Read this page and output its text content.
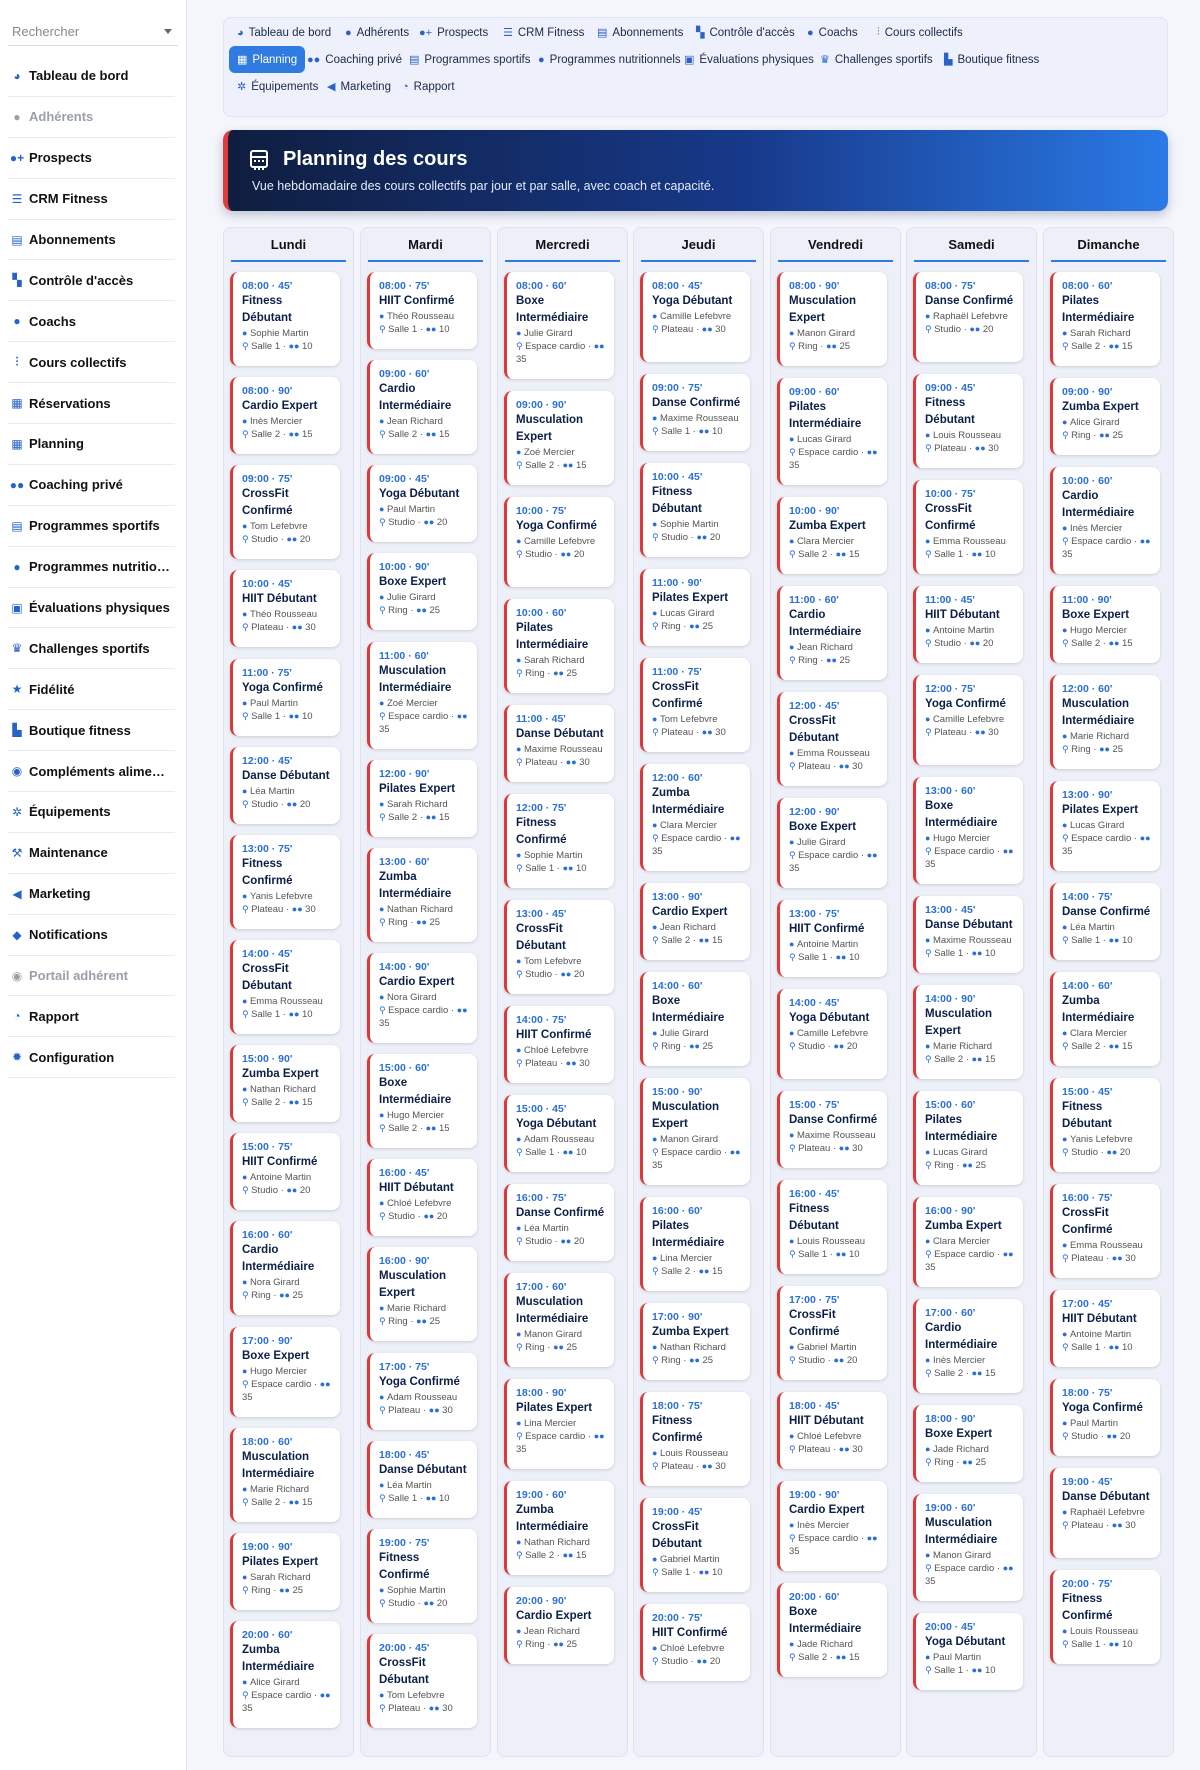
Rechercher
◕ Tableau de bord
● Adhérents
●+ Prospects
☰ CRM Fitness
▤ Abonnements
▚ Contrôle d'accès
● Coachs
⫶ Cours collectifs
▦ Réservations
▦ Planning
●● Coaching privé
▤ Programmes sportifs
● Programmes nutritio…
▣ Évaluations physiques
♛ Challenges sportifs
★ Fidélité
▙ Boutique fitness
◉ Compléments alime…
✲ Équipements
⚒ Maintenance
◀ Marketing
◆ Notifications
◉ Portail adhérent
◔ Rapport
✹ Configuration
◕ Tableau de bord ● Adhérents ●+ Prospects ☰ CRM Fitness ▤ Abonnements ▚ Contrôle d'accès ● Coachs ⫶ Cours collectifs
▦ Planning ●● Coaching privé ▤ Programmes sportifs ● Programmes nutritionnels ▣ Évaluations physiques ♛ Challenges sportifs ▙ Boutique fitness
✲ Équipements ◀ Marketing ◔ Rapport
Planning des cours
Vue hebdomadaire des cours collectifs par jour et par salle, avec coach et capacité.
Lundi
08:00 · 45'
Fitness Débutant
● Sophie Martin
⚲ Salle 1 · ●● 10
08:00 · 90'
Cardio Expert
● Inès Mercier
⚲ Salle 2 · ●● 15
09:00 · 75'
CrossFit Confirmé
● Tom Lefebvre
⚲ Studio · ●● 20
10:00 · 45'
HIIT Débutant
● Théo Rousseau
⚲ Plateau · ●● 30
11:00 · 75'
Yoga Confirmé
● Paul Martin
⚲ Salle 1 · ●● 10
12:00 · 45'
Danse Débutant
● Léa Martin
⚲ Studio · ●● 20
13:00 · 75'
Fitness Confirmé
● Yanis Lefebvre
⚲ Plateau · ●● 30
14:00 · 45'
CrossFit Débutant
● Emma Rousseau
⚲ Salle 1 · ●● 10
15:00 · 90'
Zumba Expert
● Nathan Richard
⚲ Salle 2 · ●● 15
15:00 · 75'
HIIT Confirmé
● Antoine Martin
⚲ Studio · ●● 20
16:00 · 60'
Cardio Intermédiaire
● Nora Girard
⚲ Ring · ●● 25
17:00 · 90'
Boxe Expert
● Hugo Mercier
⚲ Espace cardio · ●● 35
18:00 · 60'
Musculation Intermédiaire
● Marie Richard
⚲ Salle 2 · ●● 15
19:00 · 90'
Pilates Expert
● Sarah Richard
⚲ Ring · ●● 25
20:00 · 60'
Zumba Intermédiaire
● Alice Girard
⚲ Espace cardio · ●● 35
Mardi
08:00 · 75'
HIIT Confirmé
● Théo Rousseau
⚲ Salle 1 · ●● 10
09:00 · 60'
Cardio Intermédiaire
● Jean Richard
⚲ Salle 2 · ●● 15
09:00 · 45'
Yoga Débutant
● Paul Martin
⚲ Studio · ●● 20
10:00 · 90'
Boxe Expert
● Julie Girard
⚲ Ring · ●● 25
11:00 · 60'
Musculation Intermédiaire
● Zoé Mercier
⚲ Espace cardio · ●● 35
12:00 · 90'
Pilates Expert
● Sarah Richard
⚲ Salle 2 · ●● 15
13:00 · 60'
Zumba Intermédiaire
● Nathan Richard
⚲ Ring · ●● 25
14:00 · 90'
Cardio Expert
● Nora Girard
⚲ Espace cardio · ●● 35
15:00 · 60'
Boxe Intermédiaire
● Hugo Mercier
⚲ Salle 2 · ●● 15
16:00 · 45'
HIIT Débutant
● Chloé Lefebvre
⚲ Studio · ●● 20
16:00 · 90'
Musculation Expert
● Marie Richard
⚲ Ring · ●● 25
17:00 · 75'
Yoga Confirmé
● Adam Rousseau
⚲ Plateau · ●● 30
18:00 · 45'
Danse Débutant
● Léa Martin
⚲ Salle 1 · ●● 10
19:00 · 75'
Fitness Confirmé
● Sophie Martin
⚲ Studio · ●● 20
20:00 · 45'
CrossFit Débutant
● Tom Lefebvre
⚲ Plateau · ●● 30
Mercredi
08:00 · 60'
Boxe Intermédiaire
● Julie Girard
⚲ Espace cardio · ●● 35
09:00 · 90'
Musculation Expert
● Zoé Mercier
⚲ Salle 2 · ●● 15
10:00 · 75'
Yoga Confirmé
● Camille Lefebvre
⚲ Studio · ●● 20
10:00 · 60'
Pilates Intermédiaire
● Sarah Richard
⚲ Ring · ●● 25
11:00 · 45'
Danse Débutant
● Maxime Rousseau
⚲ Plateau · ●● 30
12:00 · 75'
Fitness Confirmé
● Sophie Martin
⚲ Salle 1 · ●● 10
13:00 · 45'
CrossFit Débutant
● Tom Lefebvre
⚲ Studio · ●● 20
14:00 · 75'
HIIT Confirmé
● Chloé Lefebvre
⚲ Plateau · ●● 30
15:00 · 45'
Yoga Débutant
● Adam Rousseau
⚲ Salle 1 · ●● 10
16:00 · 75'
Danse Confirmé
● Léa Martin
⚲ Studio · ●● 20
17:00 · 60'
Musculation Intermédiaire
● Manon Girard
⚲ Ring · ●● 25
18:00 · 90'
Pilates Expert
● Lina Mercier
⚲ Espace cardio · ●● 35
19:00 · 60'
Zumba Intermédiaire
● Nathan Richard
⚲ Salle 2 · ●● 15
20:00 · 90'
Cardio Expert
● Jean Richard
⚲ Ring · ●● 25
Jeudi
08:00 · 45'
Yoga Débutant
● Camille Lefebvre
⚲ Plateau · ●● 30
09:00 · 75'
Danse Confirmé
● Maxime Rousseau
⚲ Salle 1 · ●● 10
10:00 · 45'
Fitness Débutant
● Sophie Martin
⚲ Studio · ●● 20
11:00 · 90'
Pilates Expert
● Lucas Girard
⚲ Ring · ●● 25
11:00 · 75'
CrossFit Confirmé
● Tom Lefebvre
⚲ Plateau · ●● 30
12:00 · 60'
Zumba Intermédiaire
● Clara Mercier
⚲ Espace cardio · ●● 35
13:00 · 90'
Cardio Expert
● Jean Richard
⚲ Salle 2 · ●● 15
14:00 · 60'
Boxe Intermédiaire
● Julie Girard
⚲ Ring · ●● 25
15:00 · 90'
Musculation Expert
● Manon Girard
⚲ Espace cardio · ●● 35
16:00 · 60'
Pilates Intermédiaire
● Lina Mercier
⚲ Salle 2 · ●● 15
17:00 · 90'
Zumba Expert
● Nathan Richard
⚲ Ring · ●● 25
18:00 · 75'
Fitness Confirmé
● Louis Rousseau
⚲ Plateau · ●● 30
19:00 · 45'
CrossFit Débutant
● Gabriel Martin
⚲ Salle 1 · ●● 10
20:00 · 75'
HIIT Confirmé
● Chloé Lefebvre
⚲ Studio · ●● 20
Vendredi
08:00 · 90'
Musculation Expert
● Manon Girard
⚲ Ring · ●● 25
09:00 · 60'
Pilates Intermédiaire
● Lucas Girard
⚲ Espace cardio · ●● 35
10:00 · 90'
Zumba Expert
● Clara Mercier
⚲ Salle 2 · ●● 15
11:00 · 60'
Cardio Intermédiaire
● Jean Richard
⚲ Ring · ●● 25
12:00 · 45'
CrossFit Débutant
● Emma Rousseau
⚲ Plateau · ●● 30
12:00 · 90'
Boxe Expert
● Julie Girard
⚲ Espace cardio · ●● 35
13:00 · 75'
HIIT Confirmé
● Antoine Martin
⚲ Salle 1 · ●● 10
14:00 · 45'
Yoga Débutant
● Camille Lefebvre
⚲ Studio · ●● 20
15:00 · 75'
Danse Confirmé
● Maxime Rousseau
⚲ Plateau · ●● 30
16:00 · 45'
Fitness Débutant
● Louis Rousseau
⚲ Salle 1 · ●● 10
17:00 · 75'
CrossFit Confirmé
● Gabriel Martin
⚲ Studio · ●● 20
18:00 · 45'
HIIT Débutant
● Chloé Lefebvre
⚲ Plateau · ●● 30
19:00 · 90'
Cardio Expert
● Inès Mercier
⚲ Espace cardio · ●● 35
20:00 · 60'
Boxe Intermédiaire
● Jade Richard
⚲ Salle 2 · ●● 15
Samedi
08:00 · 75'
Danse Confirmé
● Raphaël Lefebvre
⚲ Studio · ●● 20
09:00 · 45'
Fitness Débutant
● Louis Rousseau
⚲ Plateau · ●● 30
10:00 · 75'
CrossFit Confirmé
● Emma Rousseau
⚲ Salle 1 · ●● 10
11:00 · 45'
HIIT Débutant
● Antoine Martin
⚲ Studio · ●● 20
12:00 · 75'
Yoga Confirmé
● Camille Lefebvre
⚲ Plateau · ●● 30
13:00 · 60'
Boxe Intermédiaire
● Hugo Mercier
⚲ Espace cardio · ●● 35
13:00 · 45'
Danse Débutant
● Maxime Rousseau
⚲ Salle 1 · ●● 10
14:00 · 90'
Musculation Expert
● Marie Richard
⚲ Salle 2 · ●● 15
15:00 · 60'
Pilates Intermédiaire
● Lucas Girard
⚲ Ring · ●● 25
16:00 · 90'
Zumba Expert
● Clara Mercier
⚲ Espace cardio · ●● 35
17:00 · 60'
Cardio Intermédiaire
● Inès Mercier
⚲ Salle 2 · ●● 15
18:00 · 90'
Boxe Expert
● Jade Richard
⚲ Ring · ●● 25
19:00 · 60'
Musculation Intermédiaire
● Manon Girard
⚲ Espace cardio · ●● 35
20:00 · 45'
Yoga Débutant
● Paul Martin
⚲ Salle 1 · ●● 10
Dimanche
08:00 · 60'
Pilates Intermédiaire
● Sarah Richard
⚲ Salle 2 · ●● 15
09:00 · 90'
Zumba Expert
● Alice Girard
⚲ Ring · ●● 25
10:00 · 60'
Cardio Intermédiaire
● Inès Mercier
⚲ Espace cardio · ●● 35
11:00 · 90'
Boxe Expert
● Hugo Mercier
⚲ Salle 2 · ●● 15
12:00 · 60'
Musculation Intermédiaire
● Marie Richard
⚲ Ring · ●● 25
13:00 · 90'
Pilates Expert
● Lucas Girard
⚲ Espace cardio · ●● 35
14:00 · 75'
Danse Confirmé
● Léa Martin
⚲ Salle 1 · ●● 10
14:00 · 60'
Zumba Intermédiaire
● Clara Mercier
⚲ Salle 2 · ●● 15
15:00 · 45'
Fitness Débutant
● Yanis Lefebvre
⚲ Studio · ●● 20
16:00 · 75'
CrossFit Confirmé
● Emma Rousseau
⚲ Plateau · ●● 30
17:00 · 45'
HIIT Débutant
● Antoine Martin
⚲ Salle 1 · ●● 10
18:00 · 75'
Yoga Confirmé
● Paul Martin
⚲ Studio · ●● 20
19:00 · 45'
Danse Débutant
● Raphaël Lefebvre
⚲ Plateau · ●● 30
20:00 · 75'
Fitness Confirmé
● Louis Rousseau
⚲ Salle 1 · ●● 10
